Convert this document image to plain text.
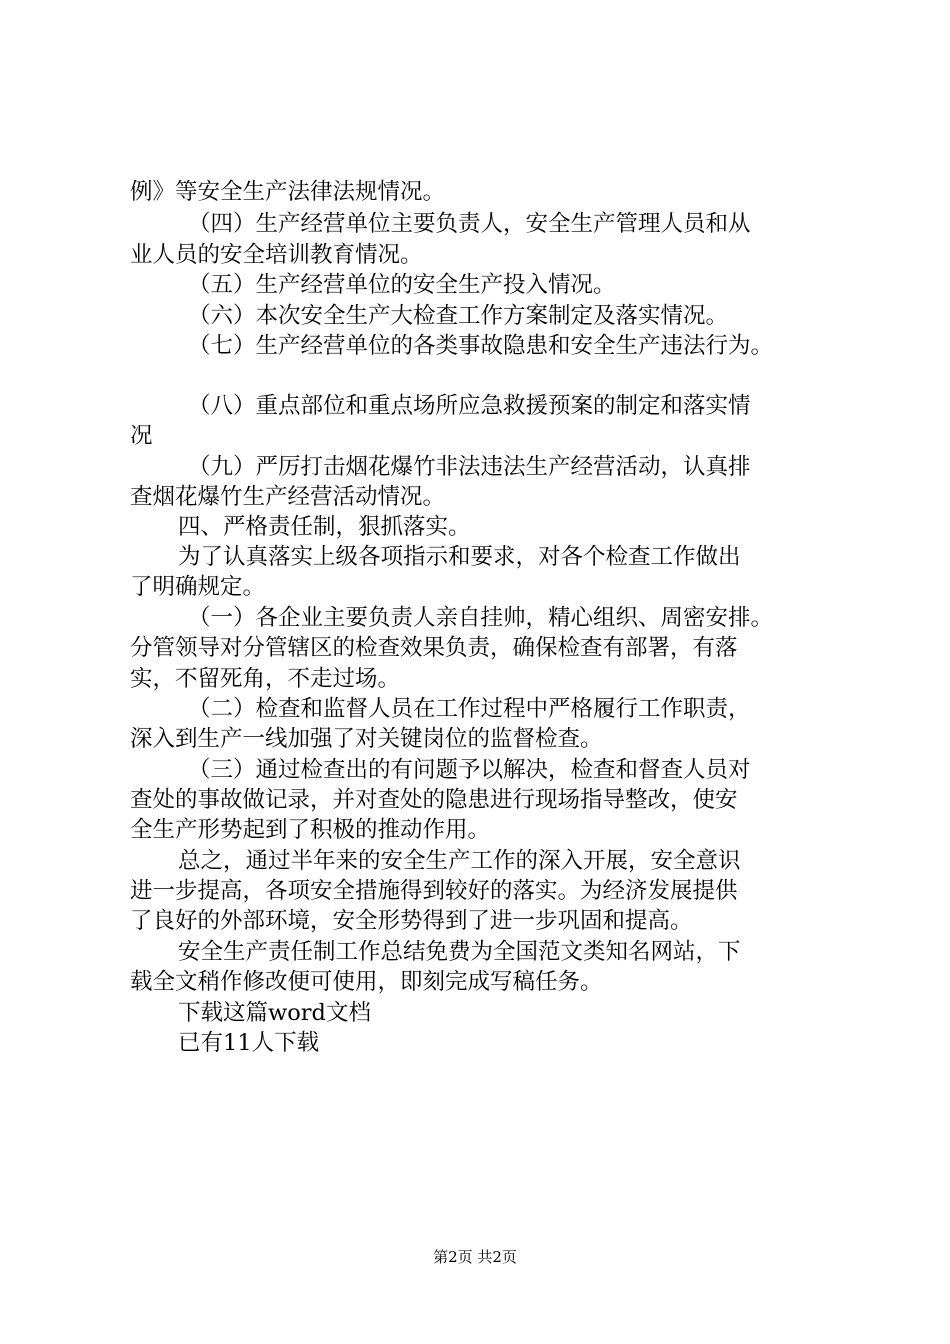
例》等安全生产法律法规情况。
（四）生产经营单位主要负责人，安全生产管理人员和从
业人员的安全培训教育情况。
（五）生产经营单位的安全生产投入情况。
（六）本次安全生产大检查工作方案制定及落实情况。
（七）生产经营单位的各类事故隐患和安全生产违法行为。
（八）重点部位和重点场所应急救援预案的制定和落实情
况
（九）严厉打击烟花爆竹非法违法生产经营活动，认真排
查烟花爆竹生产经营活动情况。
四、严格责任制，狠抓落实。
为了认真落实上级各项指示和要求，对各个检查工作做出
了明确规定。
（一）各企业主要负责人亲自挂帅，精心组织、周密安排。
分管领导对分管辖区的检查效果负责，确保检查有部署，有落
实，不留死角，不走过场。
（二）检查和监督人员在工作过程中严格履行工作职责，
深入到生产一线加强了对关键岗位的监督检查。
（三）通过检查出的有问题予以解决，检查和督查人员对
查处的事故做记录，并对查处的隐患进行现场指导整改，使安
全生产形势起到了积极的推动作用。
总之，通过半年来的安全生产工作的深入开展，安全意识
进一步提高，各项安全措施得到较好的落实。为经济发展提供
了良好的外部环境，安全形势得到了进一步巩固和提高。
安全生产责任制工作总结免费为全国范文类知名网站，下
载全文稍作修改便可使用，即刻完成写稿任务。
下载这篇word文档
已有11人下载
第2页 共2页
